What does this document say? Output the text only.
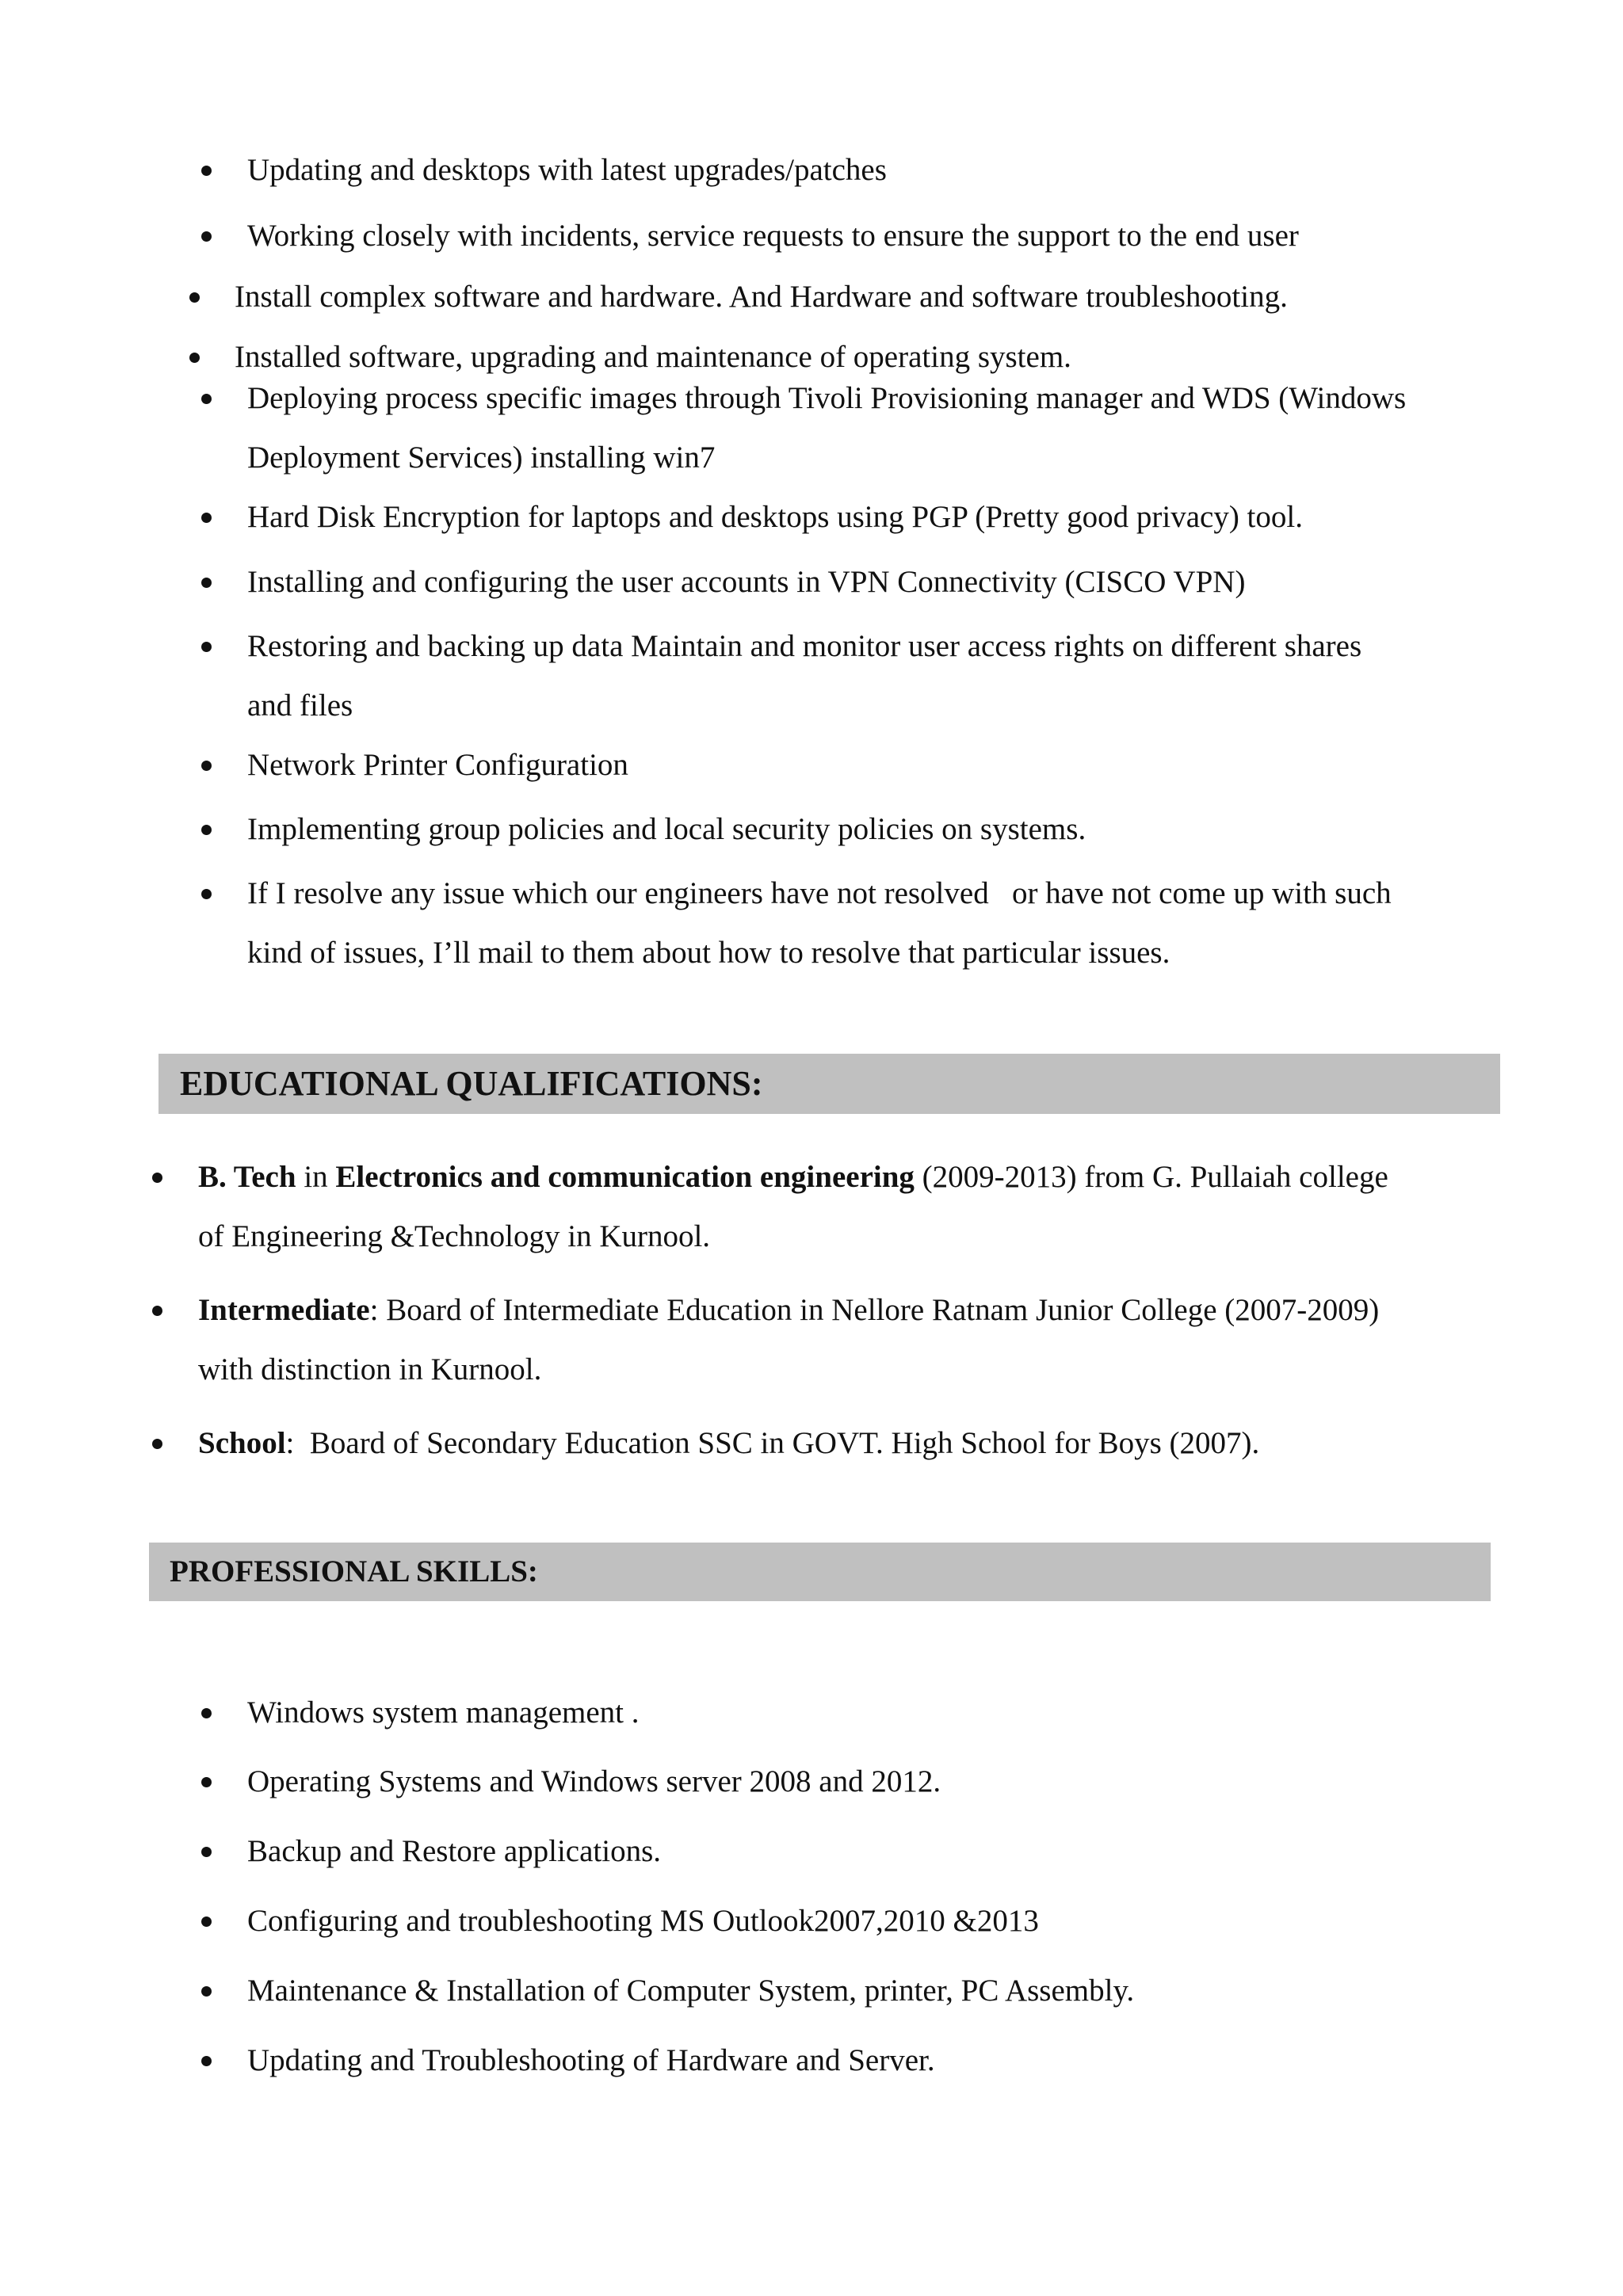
Updating and desktops with latest upgrades/patches
Working closely with incidents, service requests to ensure the support to the end user
Install complex software and hardware. And Hardware and software troubleshooting.
Installed software, upgrading and maintenance of operating system.
Deploying process specific images through Tivoli Provisioning manager and WDS (Windows
Deployment Services) installing win7
Hard Disk Encryption for laptops and desktops using PGP (Pretty good privacy) tool.
Installing and configuring the user accounts in VPN Connectivity (CISCO VPN)
Restoring and backing up data Maintain and monitor user access rights on different shares
and files
Network Printer Configuration
Implementing group policies and local security policies on systems.
If I resolve any issue which our engineers have not resolved   or have not come up with such
kind of issues, I’ll mail to them about how to resolve that particular issues.
EDUCATIONAL QUALIFICATIONS:
B. Tech in Electronics and communication engineering (2009-2013) from G. Pullaiah college
of Engineering &Technology in Kurnool.
Intermediate: Board of Intermediate Education in Nellore Ratnam Junior College (2007-2009)
with distinction in Kurnool.
School:  Board of Secondary Education SSC in GOVT. High School for Boys (2007).
PROFESSIONAL SKILLS:
Windows system management .
Operating Systems and Windows server 2008 and 2012.
Backup and Restore applications.
Configuring and troubleshooting MS Outlook2007,2010 &2013
Maintenance & Installation of Computer System, printer, PC Assembly.
Updating and Troubleshooting of Hardware and Server.
